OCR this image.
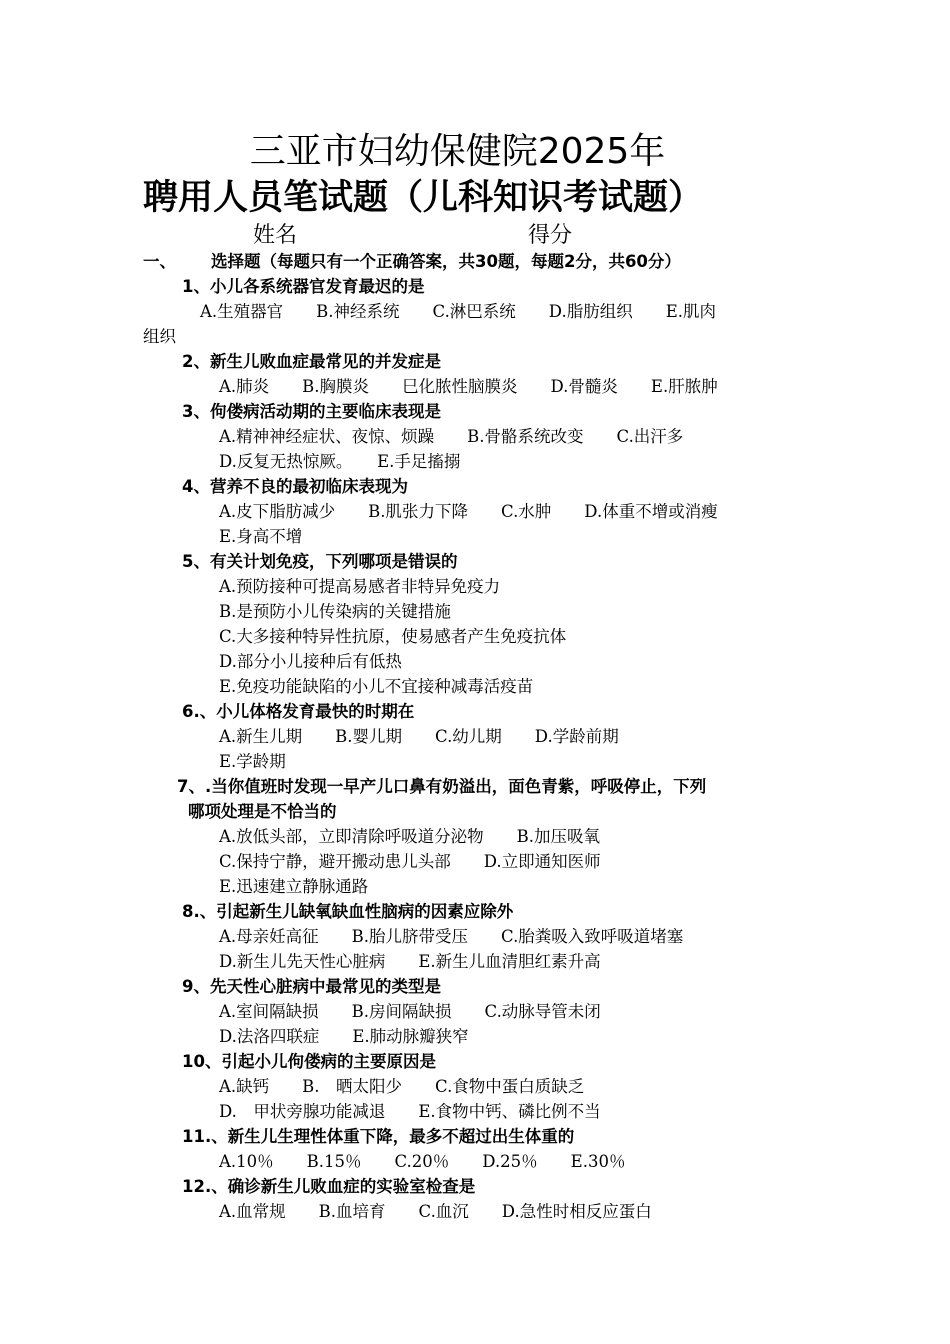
三亚市妇幼保健院2025年
聘用人员笔试题（儿科知识考试题）
姓名	得分
一、 选择题（每题只有一个正确答案，共30题，每题2分，共60分）
1、小儿各系统器官发育最迟的是
A.生殖器官　　B.神经系统　　C.淋巴系统　　D.脂肪组织　　E.肌肉
组织
2、新生儿败血症最常见的并发症是
A.肺炎　　B.胸膜炎　　巳化脓性脑膜炎　　D.骨髓炎　　E.肝脓肿
3、佝偻病活动期的主要临床表现是
A.精神神经症状、夜惊、烦躁　　B.骨骼系统改变　　C.出汗多
D.反复无热惊厥。　　E.手足搐搦
4、营养不良的最初临床表现为
A.皮下脂肪减少　　B.肌张力下降　　C.水肿　　D.体重不增或消瘦
E.身高不增
5、有关计划免疫，下列哪项是错误的
A.预防接种可提高易感者非特异免疫力
B.是预防小儿传染病的关键措施
C.大多接种特异性抗原，使易感者产生免疫抗体
D.部分小儿接种后有低热
E.免疫功能缺陷的小儿不宜接种减毒活疫苗
6.、小儿体格发育最快的时期在
A.新生儿期　　B.婴儿期　　C.幼儿期　　D.学龄前期
E.学龄期
7、.当你值班时发现一早产儿口鼻有奶溢出，面色青紫，呼吸停止，下列
哪项处理是不恰当的
A.放低头部，立即清除呼吸道分泌物　　B.加压吸氧
C.保持宁静，避开搬动患儿头部　　D.立即通知医师
E.迅速建立静脉通路
8.、引起新生儿缺氧缺血性脑病的因素应除外
A.母亲妊高征　　B.胎儿脐带受压　　C.胎粪吸入致呼吸道堵塞
D.新生儿先天性心脏病　　E.新生儿血清胆红素升高
9、先天性心脏病中最常见的类型是
A.室间隔缺损　　B.房间隔缺损　　C.动脉导管未闭
D.法洛四联症　　E.肺动脉瓣狭窄
10、引起小儿佝偻病的主要原因是
A.缺钙　　B.　晒太阳少　　C.食物中蛋白质缺乏
D.　甲状旁腺功能减退　　E.食物中钙、磷比例不当
11.、新生儿生理性体重下降，最多不超过出生体重的
A.10％　　B.15％　　C.20％　　D.25％　　E.30％
12.、确诊新生儿败血症的实验室检查是
A.血常规　　B.血培育　　C.血沉　　D.急性时相反应蛋白
